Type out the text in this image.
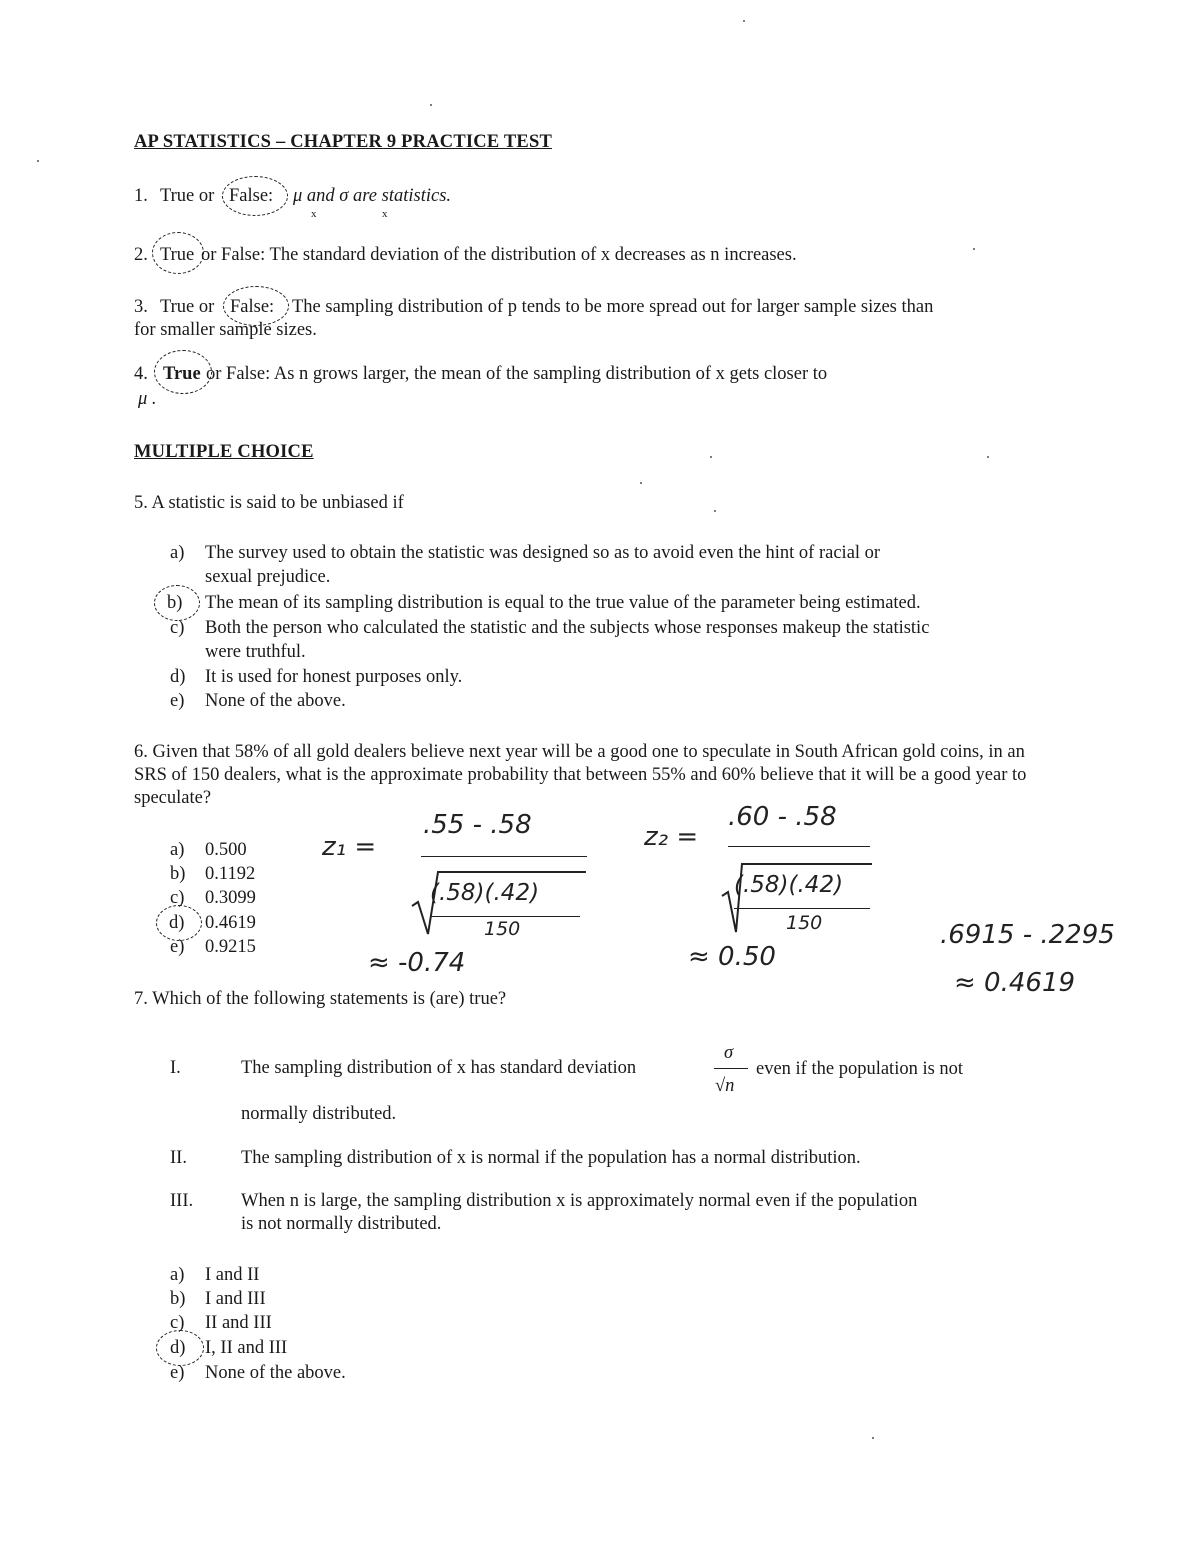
AP STATISTICS – CHAPTER 9 PRACTICE TEST
1. True or False: μ and σ are statistics.
x	x
2. True or False: The standard deviation of the distribution of x decreases as n increases.
3. True or False: The sampling distribution of p tends to be more spread out for larger sample sizes than
for smaller sample sizes.
4. True or False: As n grows larger, the mean of the sampling distribution of x gets closer to
μ .
MULTIPLE CHOICE
5. A statistic is said to be unbiased if
a) The survey used to obtain the statistic was designed so as to avoid even the hint of racial or
sexual prejudice.
b) The mean of its sampling distribution is equal to the true value of the parameter being estimated.
c) Both the person who calculated the statistic and the subjects whose responses makeup the statistic
were truthful.
d) It is used for honest purposes only.
e) None of the above.
6. Given that 58% of all gold dealers believe next year will be a good one to speculate in South African gold coins, in an SRS of 150 dealers, what is the approximate probability that between 55% and 60% believe that it will be a good year to speculate?
a) 0.500
b) 0.1192
c) 0.3099
d) 0.4619
e) 0.9215
z₁ =
.55 - .58
(.58)(.42)
150
≈ -0.74
z₂ =
.60 - .58
(.58)(.42)
150
≈ 0.50
.6915 - .2295
≈ 0.4619
7. Which of the following statements is (are) true?
I.	The sampling distribution of x has standard deviation
σ
√n
even if the population is not
normally distributed.
II.	The sampling distribution of x is normal if the population has a normal distribution.
III.	When n is large, the sampling distribution x is approximately normal even if the population
is not normally distributed.
a) I and II
b) I and III
c) II and III
d) I, II and III
e) None of the above.
